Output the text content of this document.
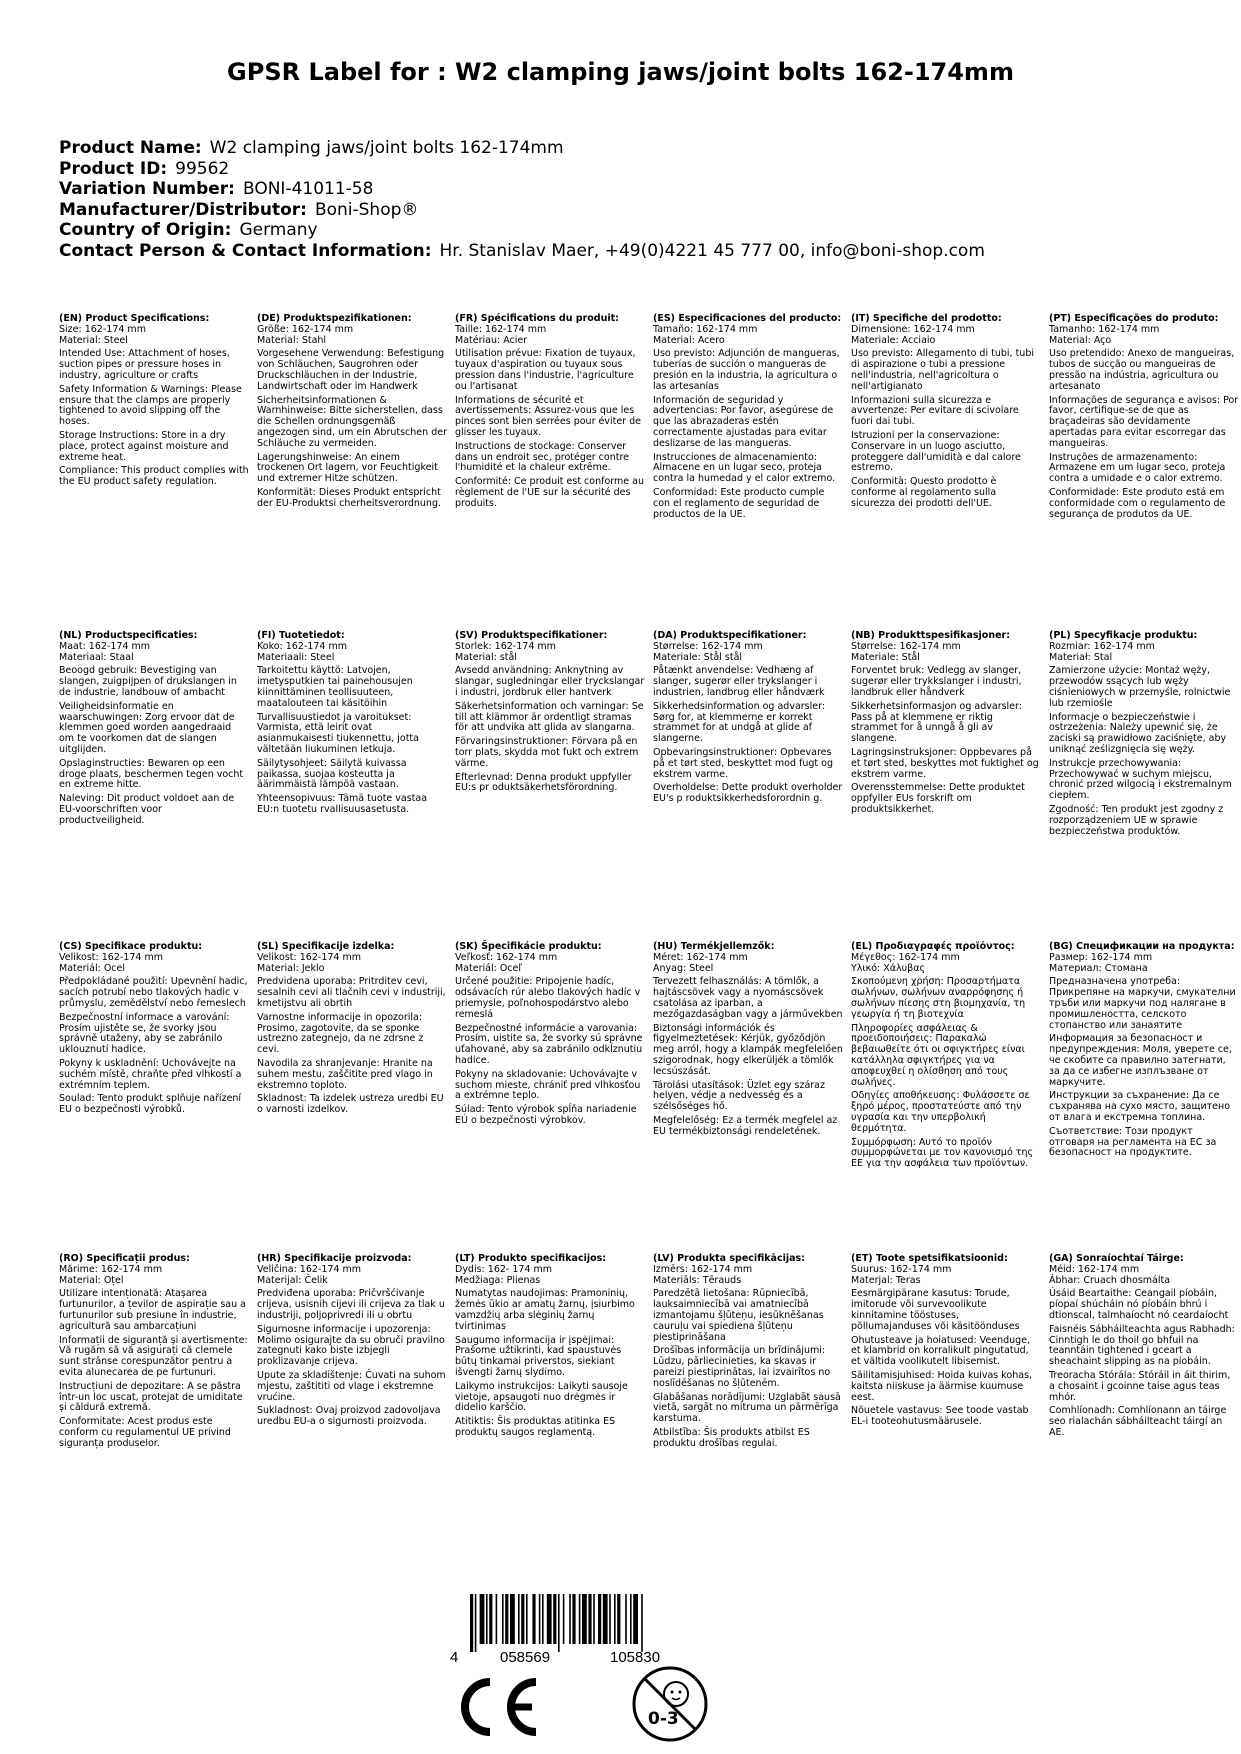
GPSR Label for : W2 clamping jaws/joint bolts 162-174mm
Product Name: W2 clamping jaws/joint bolts 162-174mm
Product ID: 99562
Variation Number: BONI-41011-58
Manufacturer/Distributor: Boni-Shop®
Country of Origin: Germany
Contact Person & Contact Information: Hr. Stanislav Maer, +49(0)4221 45 777 00, info@boni-shop.com
(EN) Product Specifications:

Size: 162-174 mm

Material: Steel

Intended Use: Attachment of hoses, suction pipes or pressure hoses in industry, agriculture or crafts

Safety Information & Warnings: Please ensure that the clamps are properly tightened to avoid slipping off the hoses.

Storage Instructions: Store in a dry place, protect against moisture and extreme heat.

Compliance: This product complies with the EU product safety regulation.

(DE) Produktspezifikationen:

Größe: 162-174 mm

Material: Stahl

Vorgesehene Verwendung: Befestigung von Schläuchen, Saugrohren oder Druckschläuchen in der Industrie, Landwirtschaft oder im Handwerk

Sicherheitsinformationen & Warnhinweise: Bitte sicherstellen, dass die Schellen ordnungsgemäß angezogen sind, um ein Abrutschen der Schläuche zu vermeiden.

Lagerungshinweise: An einem trockenen Ort lagern, vor Feuchtigkeit und extremer Hitze schützen.

Konformität: Dieses Produkt entspricht der EU-Produktsi cherheitsverordnung.

(FR) Spécifications du produit:

Taille: 162-174 mm

Matériau: Acier

Utilisation prévue: Fixation de tuyaux, tuyaux d'aspiration ou tuyaux sous pression dans l'industrie, l'agriculture ou l'artisanat

Informations de sécurité et avertissements: Assurez-vous que les pinces sont bien serrées pour éviter de glisser les tuyaux.

Instructions de stockage: Conserver dans un endroit sec, protéger contre l'humidité et la chaleur extrême.

Conformité: Ce produit est conforme au règlement de l'UE sur la sécurité des produits.

(ES) Especificaciones del producto:

Tamaño: 162-174 mm

Material: Acero

Uso previsto: Adjunción de mangueras, tuberías de succión o mangueras de presión en la industria, la agricultura o las artesanías

Información de seguridad y advertencias: Por favor, asegúrese de que las abrazaderas estén correctamente ajustadas para evitar deslizarse de las mangueras.

Instrucciones de almacenamiento: Almacene en un lugar seco, proteja contra la humedad y el calor extremo.

Conformidad: Este producto cumple con el reglamento de seguridad de productos de la UE.

(IT) Specifiche del prodotto:

Dimensione: 162-174 mm

Materiale: Acciaio

Uso previsto: Allegamento di tubi, tubi di aspirazione o tubi a pressione nell'industria, nell'agricoltura o nell'artigianato

Informazioni sulla sicurezza e avvertenze: Per evitare di scivolare fuori dai tubi.

Istruzioni per la conservazione: Conservare in un luogo asciutto, proteggere dall'umidità e dal calore estremo.

Conformità: Questo prodotto è conforme al regolamento sulla sicurezza dei prodotti dell'UE.

(PT) Especificações do produto:

Tamanho: 162-174 mm

Material: Aço

Uso pretendido: Anexo de mangueiras, tubos de sucção ou mangueiras de pressão na indústria, agricultura ou artesanato

Informações de segurança e avisos: Por favor, certifique-se de que as braçadeiras são devidamente apertadas para evitar escorregar das mangueiras.

Instruções de armazenamento: Armazene em um lugar seco, proteja contra a umidade e o calor extremo.

Conformidade: Este produto está em conformidade com o regulamento de segurança de produtos da UE.

(NL) Productspecificaties:

Maat: 162-174 mm

Materiaal: Staal

Beoogd gebruik: Bevestiging van slangen, zuigpijpen of drukslangen in de industrie, landbouw of ambacht

Veiligheidsinformatie en waarschuwingen: Zorg ervoor dat de klemmen goed worden aangedraaid om te voorkomen dat de slangen uitglijden.

Opslaginstructies: Bewaren op een droge plaats, beschermen tegen vocht en extreme hitte.

Naleving: Dit product voldoet aan de EU-voorschriften voor productveiligheid.

(FI) Tuotetiedot:

Koko: 162-174 mm

Materiaali: Steel

Tarkoitettu käyttö: Latvojen, imetysputkien tai painehousujen kiinnittäminen teollisuuteen, maatalouteen tai käsitöihin

Turvallisuustiedot ja varoitukset: Varmista, että leirit ovat asianmukaisesti tiukennettu, jotta vältetään liukuminen letkuja.

Säilytysohjeet: Säilytä kuivassa paikassa, suojaa kosteutta ja äärimmäistä lämpöä vastaan.

Yhteensopivuus: Tämä tuote vastaa EU:n tuotetu rvallisuusasetusta.

(SV) Produktspecifikationer:

Storlek: 162-174 mm

Material: stål

Avsedd användning: Anknytning av slangar, sugledningar eller tryckslangar i industri, jordbruk eller hantverk

Säkerhetsinformation och varningar: Se till att klämmor är ordentligt stramas för att undvika att glida av slangarna.

Förvaringsinstruktioner: Förvara på en torr plats, skydda mot fukt och extrem värme.

Efterlevnad: Denna produkt uppfyller EU:s pr oduktsäkerhetsförordning.

(DA) Produktspecifikationer:

Størrelse: 162-174 mm

Materiale: Stål stål

Påtænkt anvendelse: Vedhæng af slanger, sugerør eller trykslanger i industrien, landbrug eller håndværk

Sikkerhedsinformation og advarsler: Sørg for, at klemmerne er korrekt strammet for at undgå at glide af slangerne.

Opbevaringsinstruktioner: Opbevares på et tørt sted, beskyttet mod fugt og ekstrem varme.

Overholdelse: Dette produkt overholder EU's p roduktsikkerhedsforordnin g.

(NB) Produkttspesifikasjoner:

Størrelse: 162-174 mm

Materiale: Stål

Forventet bruk: Vedlegg av slanger, sugerør eller trykkslanger i industri, landbruk eller håndverk

Sikkerhetsinformasjon og advarsler: Pass på at klemmene er riktig strammet for å unngå å gli av slangene.

Lagringsinstruksjoner: Oppbevares på et tørt sted, beskyttes mot fuktighet og ekstrem varme.

Overensstemmelse: Dette produktet oppfyller EUs forskrift om produktsikkerhet.

(PL) Specyfikacje produktu:

Rozmiar: 162-174 mm

Materiał: Stal

Zamierzone użycie: Montaż węży, przewodów ssących lub węży ciśnieniowych w przemyśle, rolnictwie lub rzemiośle

Informacje o bezpieczeństwie i ostrzeżenia: Należy upewnić się, że zaciski są prawidłowo zaciśnięte, aby uniknąć ześlizgnięcia się węży.

Instrukcje przechowywania: Przechowywać w suchym miejscu, chronić przed wilgocią i ekstremalnym ciepłem.

Zgodność: Ten produkt jest zgodny z rozporządzeniem UE w sprawie bezpieczeństwa produktów.

(CS) Specifikace produktu:

Velikost: 162-174 mm

Materiál: Ocel

Předpokládané použití: Upevnění hadic, sacích potrubí nebo tlakových hadic v průmyslu, zemědělství nebo řemeslech

Bezpečnostní informace a varování: Prosím ujistěte se, že svorky jsou správně utaženy, aby se zabránilo uklouznutí hadice.

Pokyny k uskladnění: Uchovávejte na suchém místě, chraňte před vlhkostí a extrémním teplem.

Soulad: Tento produkt splňuje nařízení EU o bezpečnosti výrobků.

(SL) Specifikacije izdelka:

Velikost: 162-174 mm

Material: Jeklo

Predvidena uporaba: Pritrditev cevi, sesalnih cevi ali tlačnih cevi v industriji, kmetijstvu ali obrtih

Varnostne informacije in opozorila: Prosimo, zagotovite, da se sponke ustrezno zategnejo, da ne zdrsne z cevi.

Navodila za shranjevanje: Hranite na suhem mestu, zaščitite pred vlago in ekstremno toploto.

Skladnost: Ta izdelek ustreza uredbi EU o varnosti izdelkov.

(SK) Špecifikácie produktu:

Veľkosť: 162-174 mm

Materiál: Oceľ

Určené použitie: Pripojenie hadíc, odsávacích rúr alebo tlakových hadíc v priemysle, poľnohospodárstvo alebo remeslá

Bezpečnostné informácie a varovania: Prosím, uistite sa, že svorky sú správne uťahované, aby sa zabránilo odkĺznutiu hadice.

Pokyny na skladovanie: Uchovávajte v suchom mieste, chrániť pred vlhkosťou a extrémne teplo.

Súlad: Tento výrobok spĺňa nariadenie EÚ o bezpečnosti výrobkov.

(HU) Termékjellemzők:

Méret: 162-174 mm

Anyag: Steel

Tervezett felhasználás: A tömlők, a hajtáscsövek vagy a nyomáscsövek csatolása az iparban, a mezőgazdaságban vagy a járművekben

Biztonsági információk és figyelmeztetések: Kérjük, győződjön meg arról, hogy a klampák megfelelően szigorodnak, hogy elkerüljék a tömlők lecsúszását.

Tárolási utasítások: Üzlet egy száraz helyen, védje a nedvesség és a szélsőséges hő.

Megfelelőség: Ez a termék megfelel az EU termékbiztonsági rendeletének.

(EL) Προδιαγραφές προϊόντος:

Μέγεθος: 162-174 mm

Υλικό: Χάλυβας

Σκοπούμενη χρήση: Προσαρτήματα σωλήνων, σωλήνων αναρρόφησης ή σωλήνων πίεσης στη βιομηχανία, τη γεωργία ή τη βιοτεχνία

Πληροφορίες ασφάλειας & προειδοποιήσεις: Παρακαλώ βεβαιωθείτε ότι οι σφιγκτήρες είναι κατάλληλα σφιγκτήρες για να αποφευχθεί η ολίσθηση από τους σωλήνες.

Οδηγίες αποθήκευσης: Φυλάσσετε σε ξηρό μέρος, προστατεύστε από την υγρασία και την υπερβολική θερμότητα.

Συμμόρφωση: Αυτό το προϊόν συμμορφώνεται με τον κανονισμό της ΕΕ για την ασφάλεια των προϊόντων.

(BG) Спецификации на продукта:

Размер: 162-174 mm

Материал: Стомана

Предназначена употреба: Прикрепяне на маркучи, смукателни тръби или маркучи под налягане в промишлеността, селското стопанство или занаятите

Информация за безопасност и предупреждения: Моля, уверете се, че скобите са правилно затегнати, за да се избегне изплъзване от маркучите.

Инструкции за съхранение: Да се съхранява на сухо място, защитено от влага и екстремна топлина.

Съответствие: Този продукт отговаря на регламента на ЕС за безопасност на продуктите.

(RO) Specificații produs:

Mărime: 162-174 mm

Material: Oțel

Utilizare intenționată: Atașarea furtunurilor, a țevilor de aspirație sau a furtunurilor sub presiune în industrie, agricultură sau ambarcațiuni

Informații de siguranță și avertismente: Vă rugăm să vă asigurați că clemele sunt strânse corespunzător pentru a evita alunecarea de pe furtunuri.

Instrucțiuni de depozitare: A se păstra într-un loc uscat, protejat de umiditate și căldură extremă.

Conformitate: Acest produs este conform cu regulamentul UE privind siguranța produselor.

(HR) Specifikacije proizvoda:

Veličina: 162-174 mm

Materijal: Čelik

Predviđena uporaba: Pričvršćivanje crijeva, usisnih cijevi ili crijeva za tlak u industriji, poljoprivredi ili u obrtu

Sigurnosne informacije i upozorenja: Molimo osigurajte da su obruči pravilno zategnuti kako biste izbjegli proklizavanje crijeva.

Upute za skladištenje: Čuvati na suhom mjestu, zaštititi od vlage i ekstremne vrućine.

Sukladnost: Ovaj proizvod zadovoljava uredbu EU-a o sigurnosti proizvoda.

(LT) Produkto specifikacijos:

Dydis: 162- 174 mm

Medžiaga: Plienas

Numatytas naudojimas: Pramoninių, žemės ūkio ar amatų žarnų, įsiurbimo vamzdžių arba slėginių žarnų tvirtinimas

Saugumo informacija ir įspėjimai: Prašome užtikrinti, kad spaustuvės būtų tinkamai priverstos, siekiant išvengti žarnų slydimo.

Laikymo instrukcijos: Laikyti sausoje vietoje, apsaugoti nuo drėgmės ir didelio karščio.

Atitiktis: Šis produktas atitinka ES produktų saugos reglamentą.

(LV) Produkta specifikācijas:

Izmērs: 162-174 mm

Materiāls: Tērauds

Paredzētā lietošana: Rūpniecībā, lauksaimniecībā vai amatniecībā izmantojamu šļūteņu, iesūknēšanas cauruļu vai spiediena šļūteņu piestiprināšana

Drošības informācija un brīdinājumi: Lūdzu, pārliecinieties, ka skavas ir pareizi piestiprinātas, lai izvairītos no noslīdēšanas no šļūtenēm.

Glabāšanas norādījumi: Uzglabāt sausā vietā, sargāt no mitruma un pārmērīga karstuma.

Atbilstība: Šis produkts atbilst ES produktu drošības regulai.

(ET) Toote spetsifikatsioonid:

Suurus: 162-174 mm

Materjal: Teras

Eesmärgipärane kasutus: Torude, imitorude või survevoolikute kinnitamine tööstuses, põllumajanduses või käsitöönduses

Ohutusteave ja hoiatused: Veenduge, et klambrid on korralikult pingutatud, et vältida voolikutelt libisemist.

Säilitamisjuhised: Hoida kuivas kohas, kaitsta niiskuse ja äärmise kuumuse eest.

Nõuetele vastavus: See toode vastab EL-i tooteohutusmäärusele.

(GA) Sonraíochtaí Táirge:

Méid: 162-174 mm

Ábhar: Cruach dhosmálta

Úsáid Beartaithe: Ceangail píobáin, píopaí shúcháin nó píobáin bhrú i dtionscal, talmhaíocht nó ceardaíocht

Faisnéis Sábháilteachta agus Rabhadh: Cinntigh le do thoil go bhfuil na teanntáin tightened i gceart a sheachaint slipping as na píobáin.

Treoracha Stórála: Stóráil in áit thirim, a chosaint i gcoinne taise agus teas mhór.

Comhlíonadh: Comhlíonann an táirge seo rialachán sábháilteacht táirgí an AE.

4	058569	105830
0-3
